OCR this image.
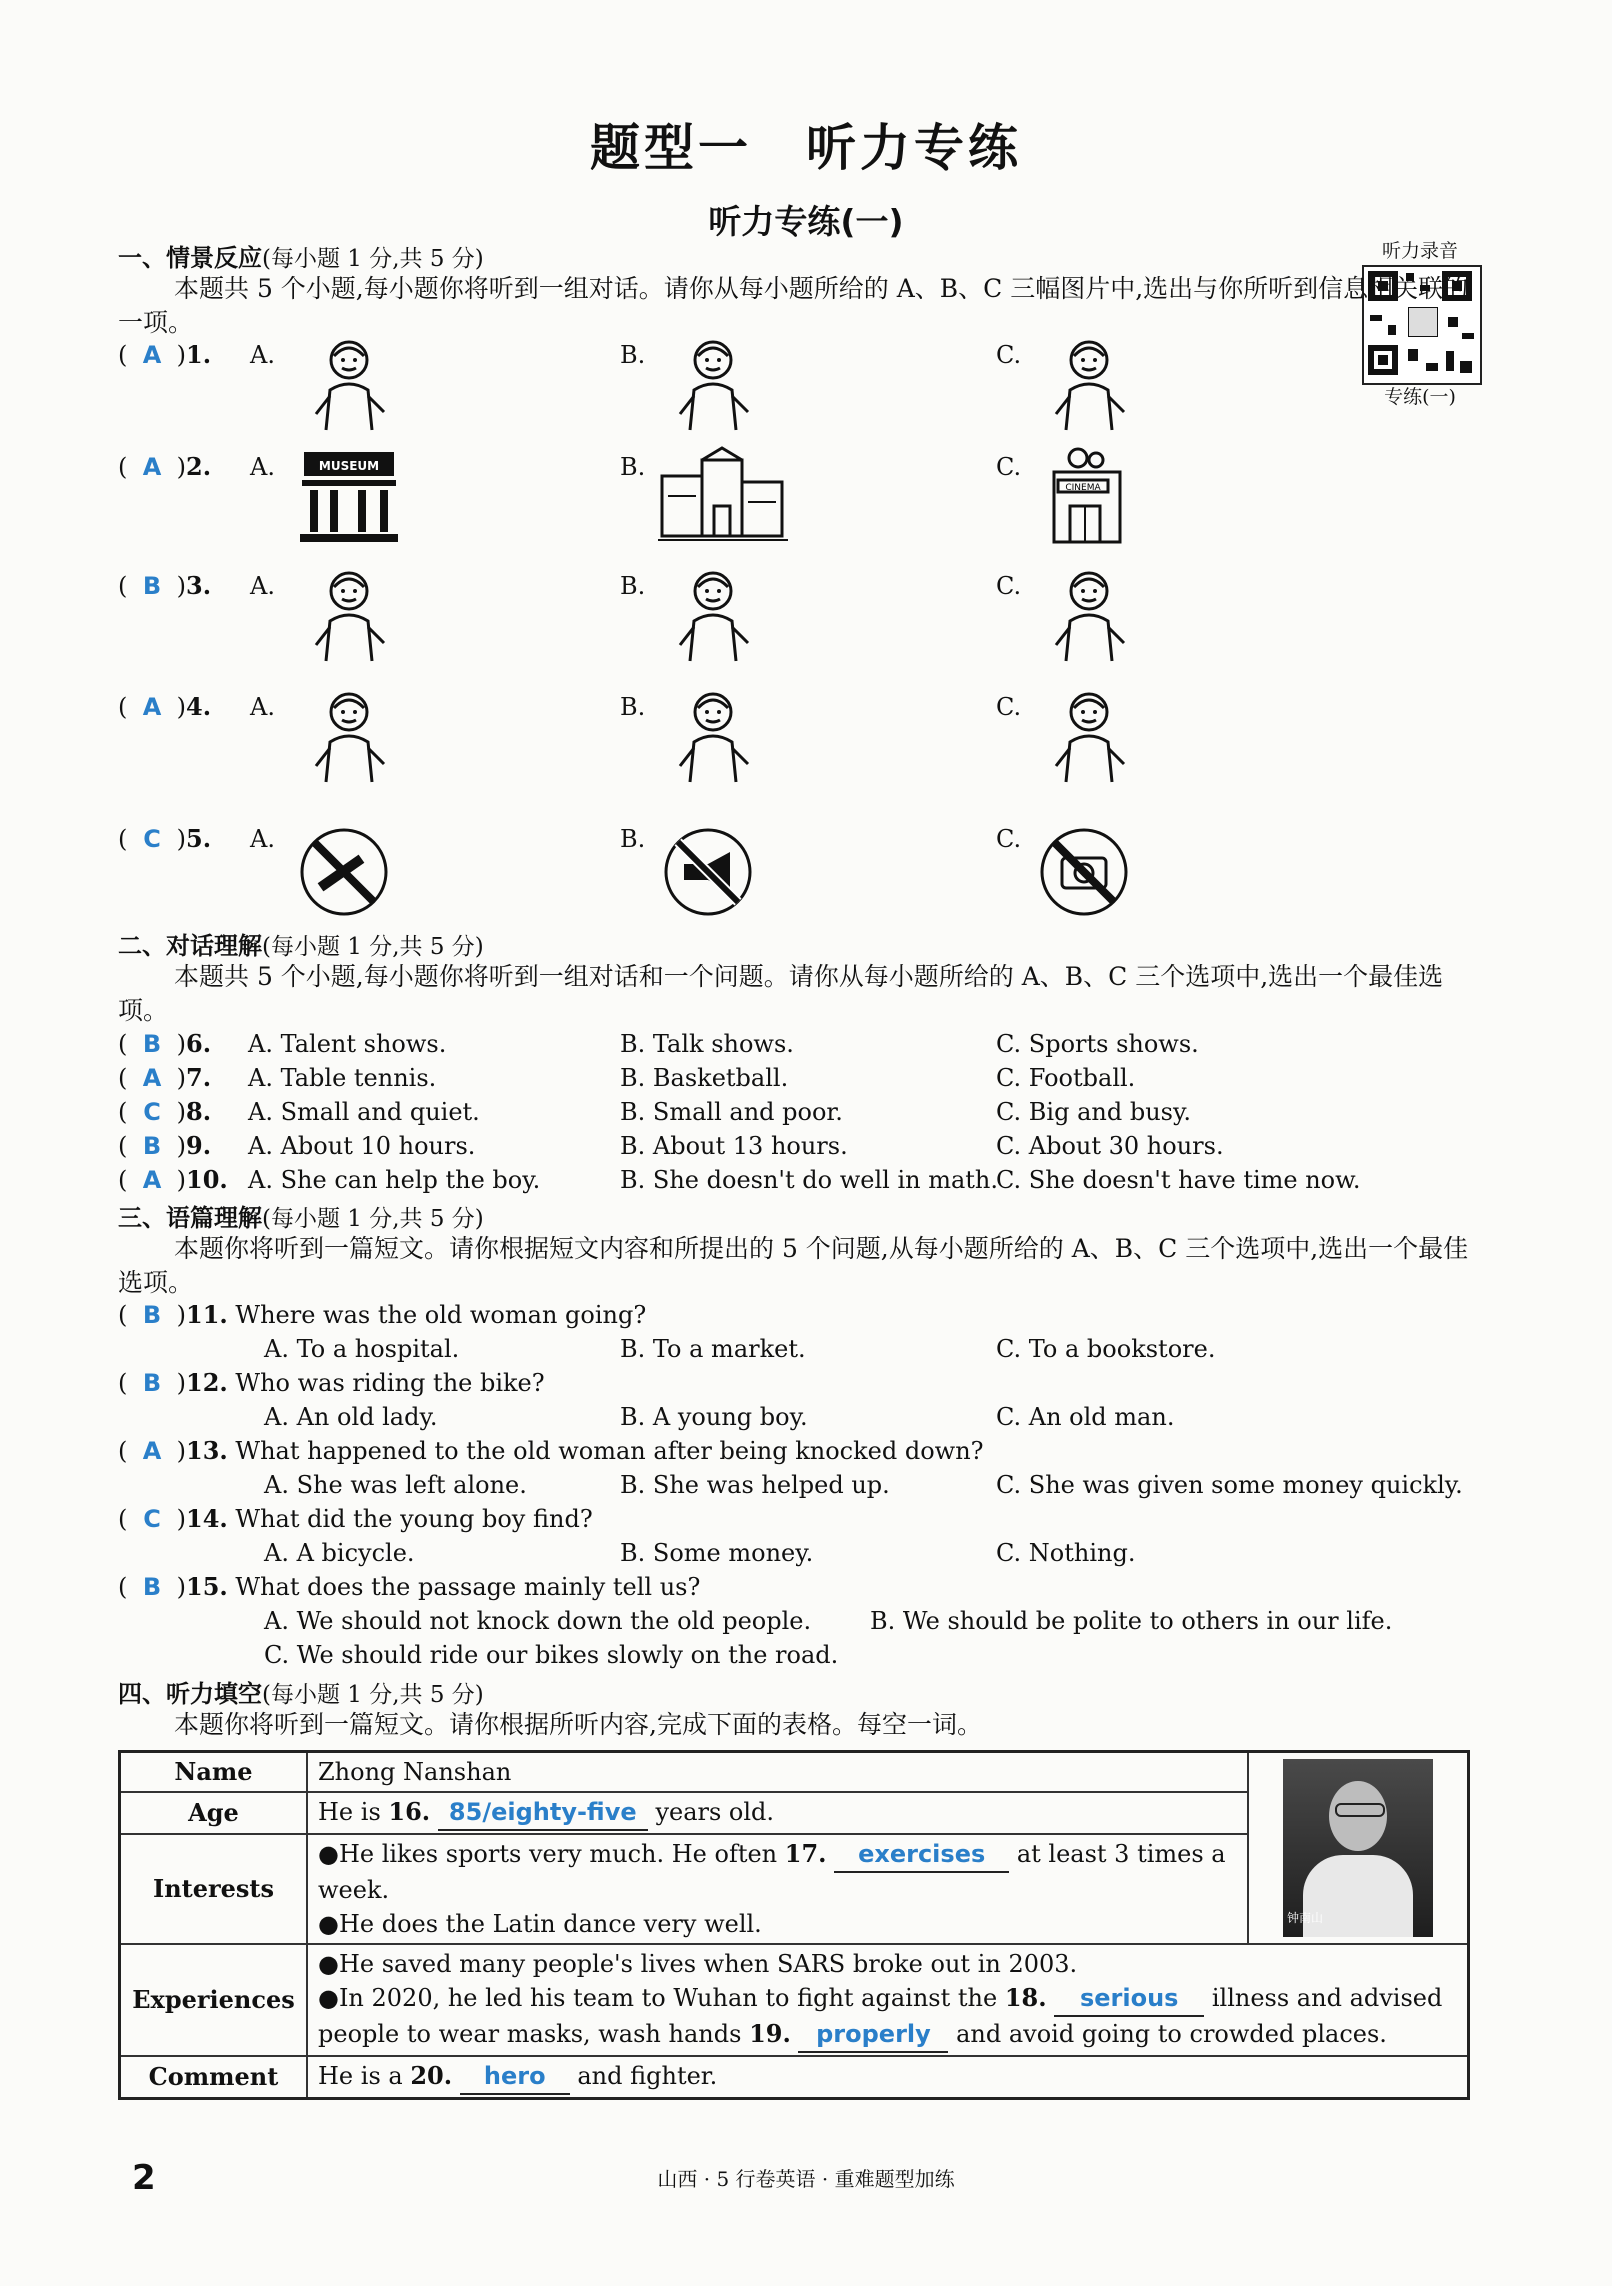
题型一　听力专练
听力专练(一)
听力录音
专练(一)
一、情景反应(每小题 1 分,共 5 分)
本题共 5 个小题,每小题你将听到一组对话。请你从每小题所给的 A、B、C 三幅图片中,选出与你所听到信息相关联的一项。
( A )1. A.	B.	C.
( A )2. A.	MUSEUM	B.	C.
CINEMA
( B )3. A.	B.	C.
( A )4. A.	B.	C.
( C )5. A.	B.	C.
二、对话理解(每小题 1 分,共 5 分)
本题共 5 个小题,每小题你将听到一组对话和一个问题。请你从每小题所给的 A、B、C 三个选项中,选出一个最佳选项。
( B )6. A. Talent shows.	B. Talk shows.	C. Sports shows.
( A )7. A. Table tennis.	B. Basketball.	C. Football.
( C )8. A. Small and quiet.	B. Small and poor.	C. Big and busy.
( B )9. A. About 10 hours.	B. About 13 hours.	C. About 30 hours.
( A )10. A. She can help the boy.	B. She doesn't do well in math.
C. She doesn't have time now.
三、语篇理解(每小题 1 分,共 5 分)
本题你将听到一篇短文。请你根据短文内容和所提出的 5 个问题,从每小题所给的 A、B、C 三个选项中,选出一个最佳选项。
( B )11. Where was the old woman going?
A. To a hospital.	B. To a market.	C. To a bookstore.
( B )12. Who was riding the bike?
A. An old lady.	B. A young boy.	C. An old man.
( A )13. What happened to the old woman after being knocked down?
A. She was left alone.	B. She was helped up.	C. She was given some money quickly.
( C )14. What did the young boy find?
A. A bicycle.	B. Some money.	C. Nothing.
( B )15. What does the passage mainly tell us?
A. We should not knock down the old people. B. We should be polite to others in our life.
C. We should ride our bikes slowly on the road.
四、听力填空(每小题 1 分,共 5 分)
本题你将听到一篇短文。请你根据所听内容,完成下面的表格。每空一词。
Name	Zhong Nanshan	钟南山

Age	He is 16. 85/eighty-five years old.	
Interests	●He likes sports very much. He often 17. exercises at least 3 times a week.
●He does the Latin dance very well.	

Experiences	●He saved many people's lives when SARS broke out in 2003.
●In 2020, he led his team to Wuhan to fight against the 18. serious illness and advised
people to wear masks, wash hands 19. properly and avoid going to crowded places.	

Comment	He is a 20. hero and fighter.	
2	山西 · 5 行卷英语 · 重难题型加练
